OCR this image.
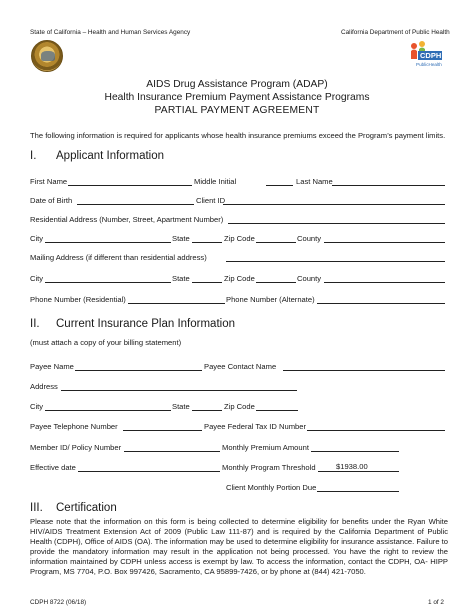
State of California – Health and Human Services Agency	California Department of Public Health
CDPH
PublicHealth
AIDS Drug Assistance Program (ADAP)
Health Insurance Premium Payment Assistance Programs
PARTIAL PAYMENT AGREEMENT
The following information is required for applicants whose health insurance premiums exceed the Program’s payment limits.
I. Applicant Information
First Name	Middle Initial	Last Name
Date of Birth	Client ID
Residential Address (Number, Street, Apartment Number)
City	State	Zip Code	County
Mailing Address (if different than residential address)
City	State	Zip Code	County
Phone Number (Residential)	Phone Number (Alternate)
II. Current Insurance Plan Information
(must attach a copy of your billing statement)
Payee Name	Payee Contact Name
Address
City	State	Zip Code
Payee Telephone Number	Payee Federal Tax ID Number
Member ID/ Policy Number	Monthly Premium Amount
Effective date	Monthly Program Threshold	$1938.00
Client Monthly Portion Due
III. Certification
Please note that the information on this form is being collected to determine eligibility for benefits under the Ryan White HIV/AIDS Treatment Extension Act of 2009 (Public Law 111-87) and is required by the California Department of Public Health (CDPH), Office of AIDS (OA). The information may be used to determine eligibility for insurance assistance. Failure to provide the mandatory information may result in the application not being processed. You have the right to review the information maintained by CDPH unless access is exempt by law. To access the information, contact the CDPH, OA- HIPP Program, MS 7704, P.O. Box 997426, Sacramento, CA 95899-7426, or by phone at (844) 421-7050.
CDPH 8722 (06/18)	1 of 2
